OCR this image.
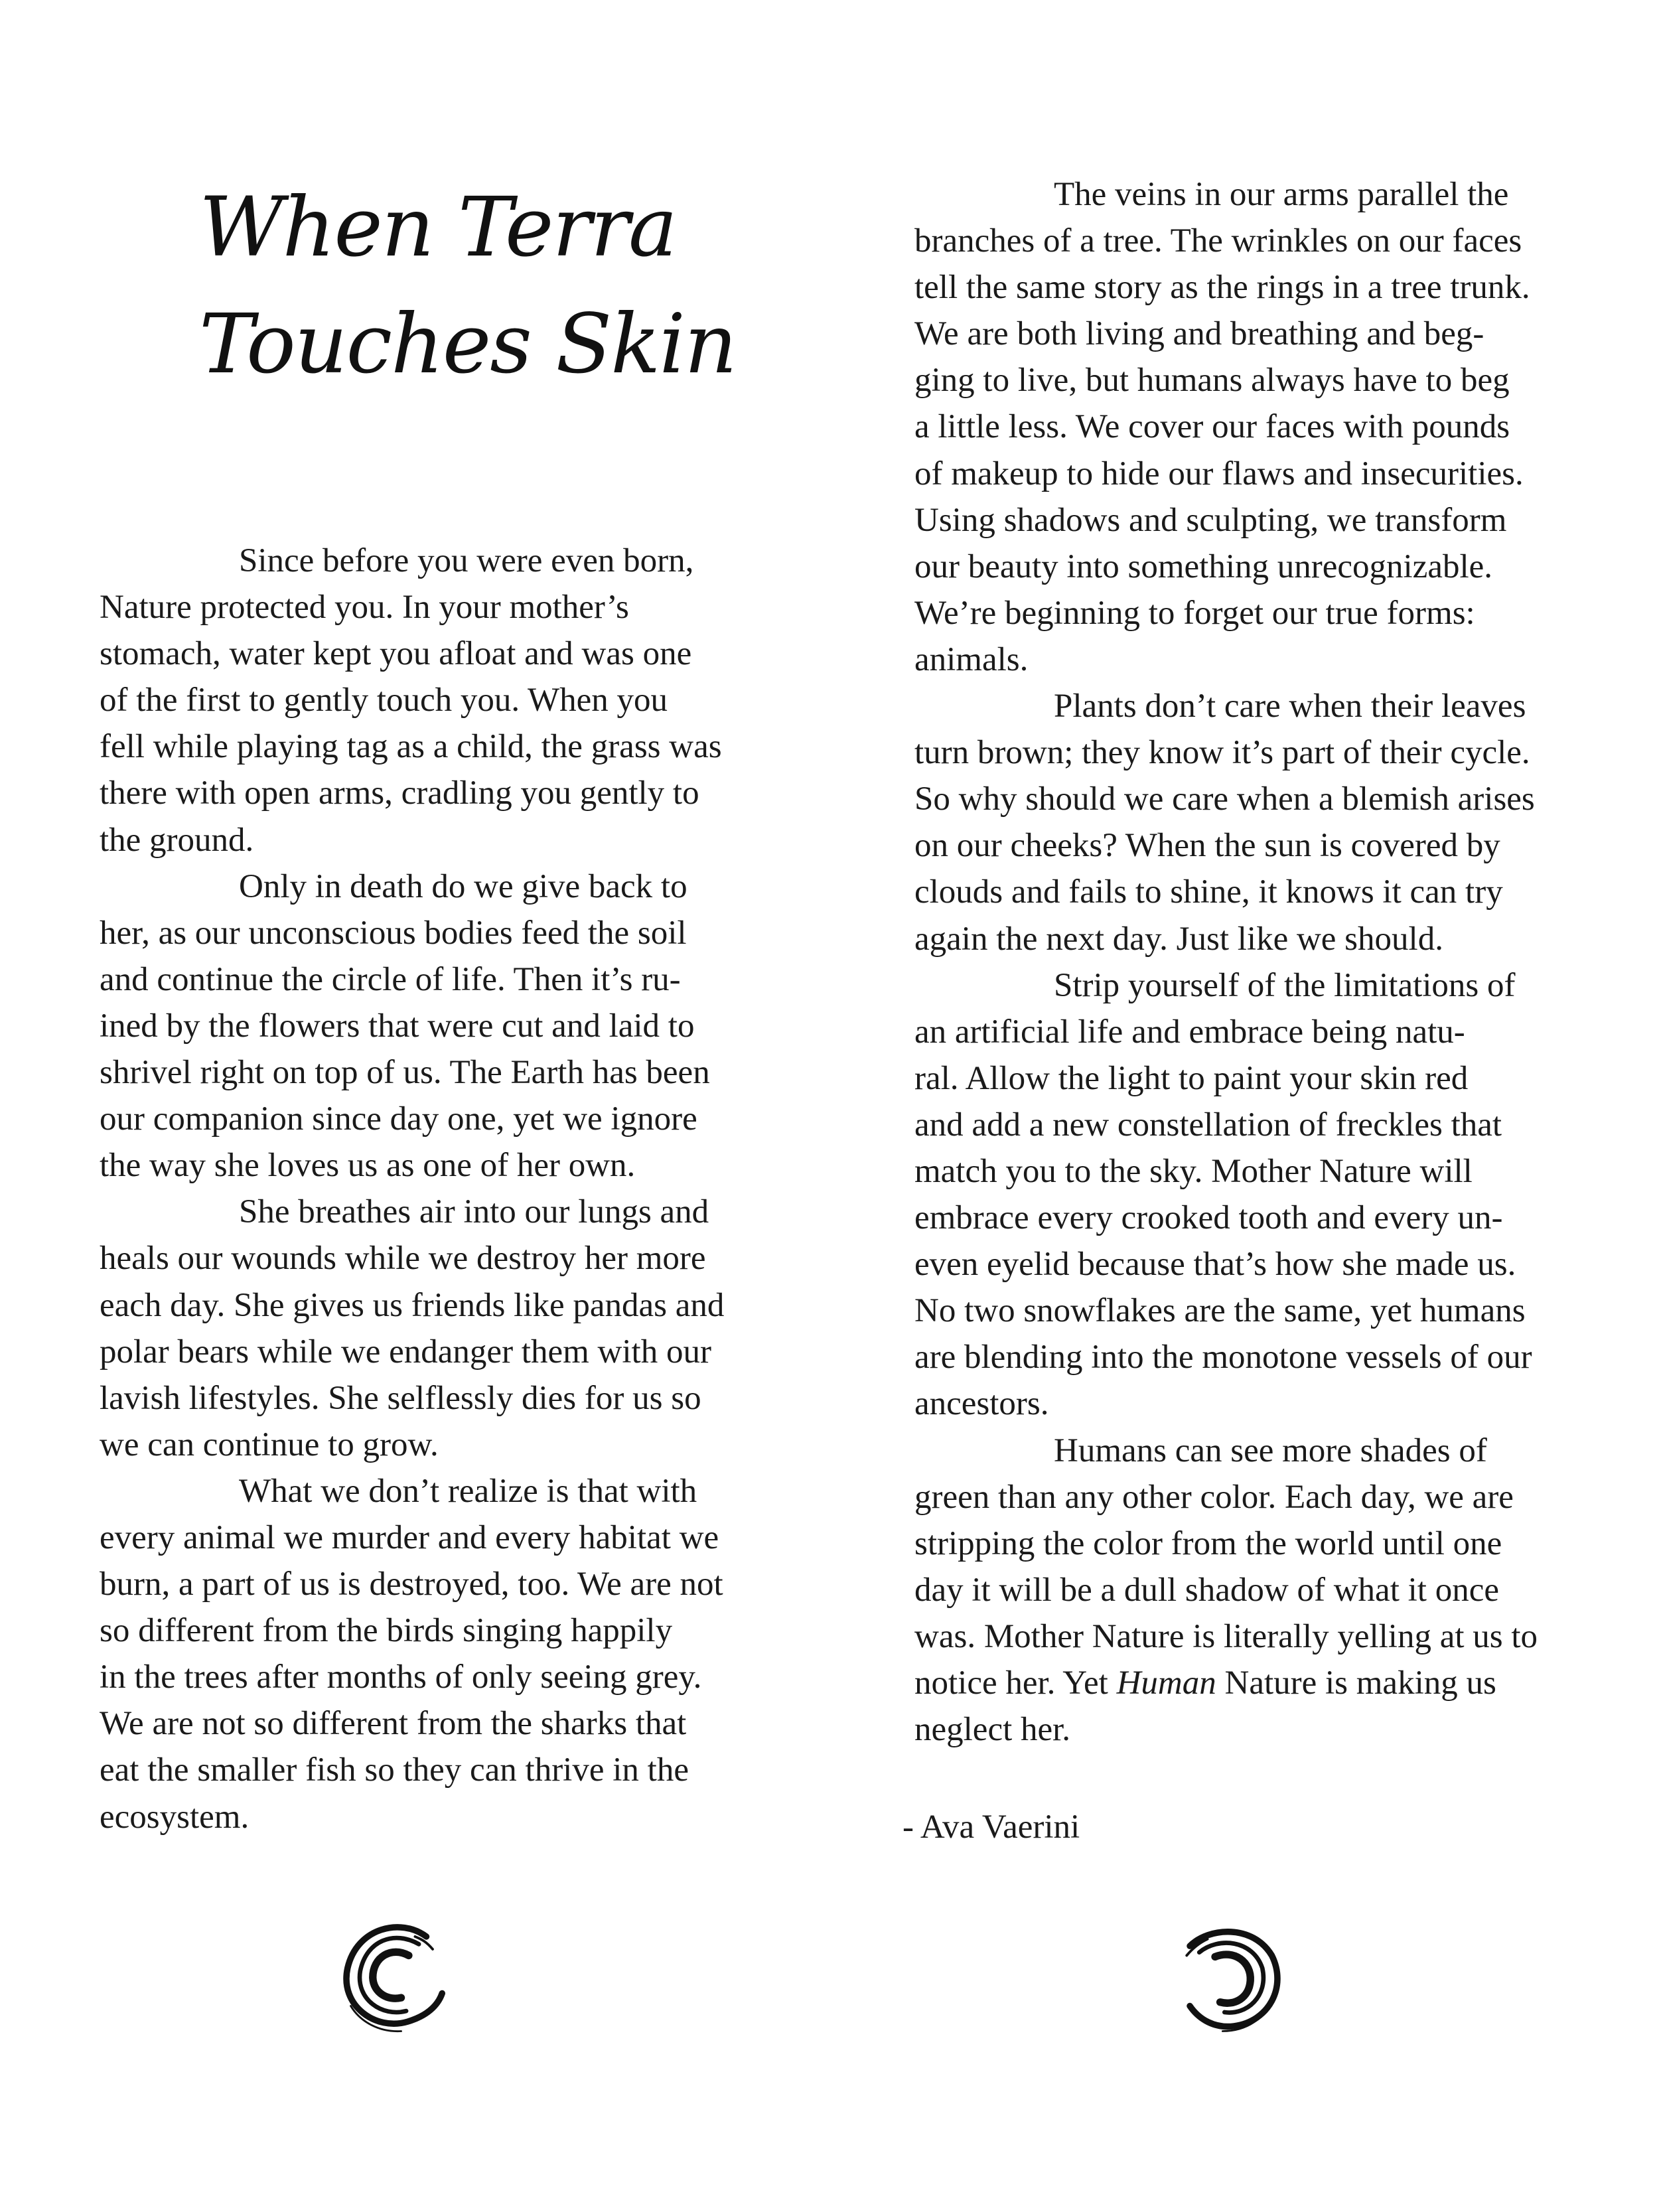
When Terra
Touches Skin
Since before you were even born,
Nature protected you. In your mother’s
stomach, water kept you afloat and was one
of the first to gently touch you. When you
fell while playing tag as a child, the grass was
there with open arms, cradling you gently to
the ground.
Only in death do we give back to
her, as our unconscious bodies feed the soil
and continue the circle of life. Then it’s ru-
ined by the flowers that were cut and laid to
shrivel right on top of us. The Earth has been
our companion since day one, yet we ignore
the way she loves us as one of her own.
She breathes air into our lungs and
heals our wounds while we destroy her more
each day. She gives us friends like pandas and
polar bears while we endanger them with our
lavish lifestyles. She selflessly dies for us so
we can continue to grow.
What we don’t realize is that with
every animal we murder and every habitat we
burn, a part of us is destroyed, too. We are not
so different from the birds singing happily
in the trees after months of only seeing grey.
We are not so different from the sharks that
eat the smaller fish so they can thrive in the
ecosystem.
The veins in our arms parallel the
branches of a tree. The wrinkles on our faces
tell the same story as the rings in a tree trunk.
We are both living and breathing and beg-
ging to live, but humans always have to beg
a little less. We cover our faces with pounds
of makeup to hide our flaws and insecurities.
Using shadows and sculpting, we transform
our beauty into something unrecognizable.
We’re beginning to forget our true forms:
animals.
Plants don’t care when their leaves
turn brown; they know it’s part of their cycle.
So why should we care when a blemish arises
on our cheeks? When the sun is covered by
clouds and fails to shine, it knows it can try
again the next day. Just like we should.
Strip yourself of the limitations of
an artificial life and embrace being natu-
ral. Allow the light to paint your skin red
and add a new constellation of freckles that
match you to the sky. Mother Nature will
embrace every crooked tooth and every un-
even eyelid because that’s how she made us.
No two snowflakes are the same, yet humans
are blending into the monotone vessels of our
ancestors.
Humans can see more shades of
green than any other color. Each day, we are
stripping the color from the world until one
day it will be a dull shadow of what it once
was. Mother Nature is literally yelling at us to
notice her. Yet Human Nature is making us
neglect her.
- Ava Vaerini
